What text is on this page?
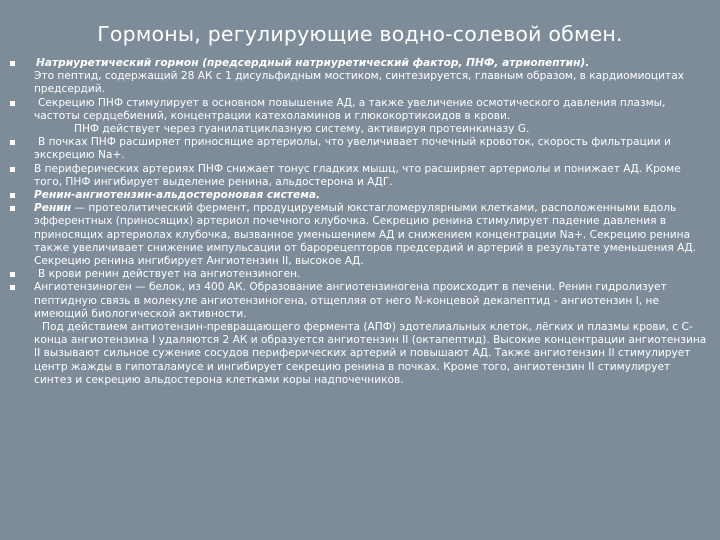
Гормоны, регулирующие водно-солевой обмен.
Натриуретический гормон (предсердный натриуретический фактор, ПНФ, атриопептин).
Это пептид, содержащий 28 АК с 1 дисульфидным мостиком, синтезируется, главным образом, в кардиомиоцитах предсердий.
Секрецию ПНФ стимулирует в основном повышение АД, а также увеличение осмотического давления плазмы, частоты сердцебиений, концентрации катехоламинов и глюкокортикоидов в крови.
ПНФ действует через гуанилатциклазную систему, активируя протеинкиназу G.
В почках ПНФ расширяет приносящие артериолы, что увеличивает почечный кровоток, скорость фильтрации и экскрецию Na+.
В периферических артериях ПНФ снижает тонус гладких мышц, что расширяет артериолы и понижает АД. Кроме того, ПНФ ингибирует выделение ренина, альдостерона и АДГ.
Ренин-ангиотензин-альдостероновая система.
Ренин — протеолитический фермент, продуцируемый юкстагломерулярными клетками, расположенными вдоль эфферентных (приносящих) артериол почечного клубочка. Секрецию ренина стимулирует падение давления в приносящих артериолах клубочка, вызванное уменьшением АД и снижением концентрации Na+. Секрецию ренина также увеличивает снижение импульсации от барорецепторов предсердий и артерий в результате уменьшения АД. Секрецию ренина ингибирует Ангиотензин II, высокое АД.
В крови ренин действует на ангиотензиноген.
Ангиотензиноген — белок, из 400 АК. Образование ангиотензиногена происходит в печени. Ренин гидролизует пептидную связь в молекуле ангиотензиногена, отщепляя от него N-концевой декапептид - ангиотензин I, не имеющий биологической активности.
Под действием антиотензин-превращающего фермента (АПФ) эдотелиальных клеток, лёгких и плазмы крови, с С-конца ангиотензина I удаляются 2 АК и образуется ангиотензин II (октапептид). Высокие концентрации ангиотензина II вызывают сильное сужение сосудов периферических артерий и повышают АД. Также ангиотензин II стимулирует центр жажды в гипоталамусе и ингибирует секрецию ренина в почках. Кроме того, ангиотензин II стимулирует синтез и секрецию альдостерона клетками коры надпочечников.
